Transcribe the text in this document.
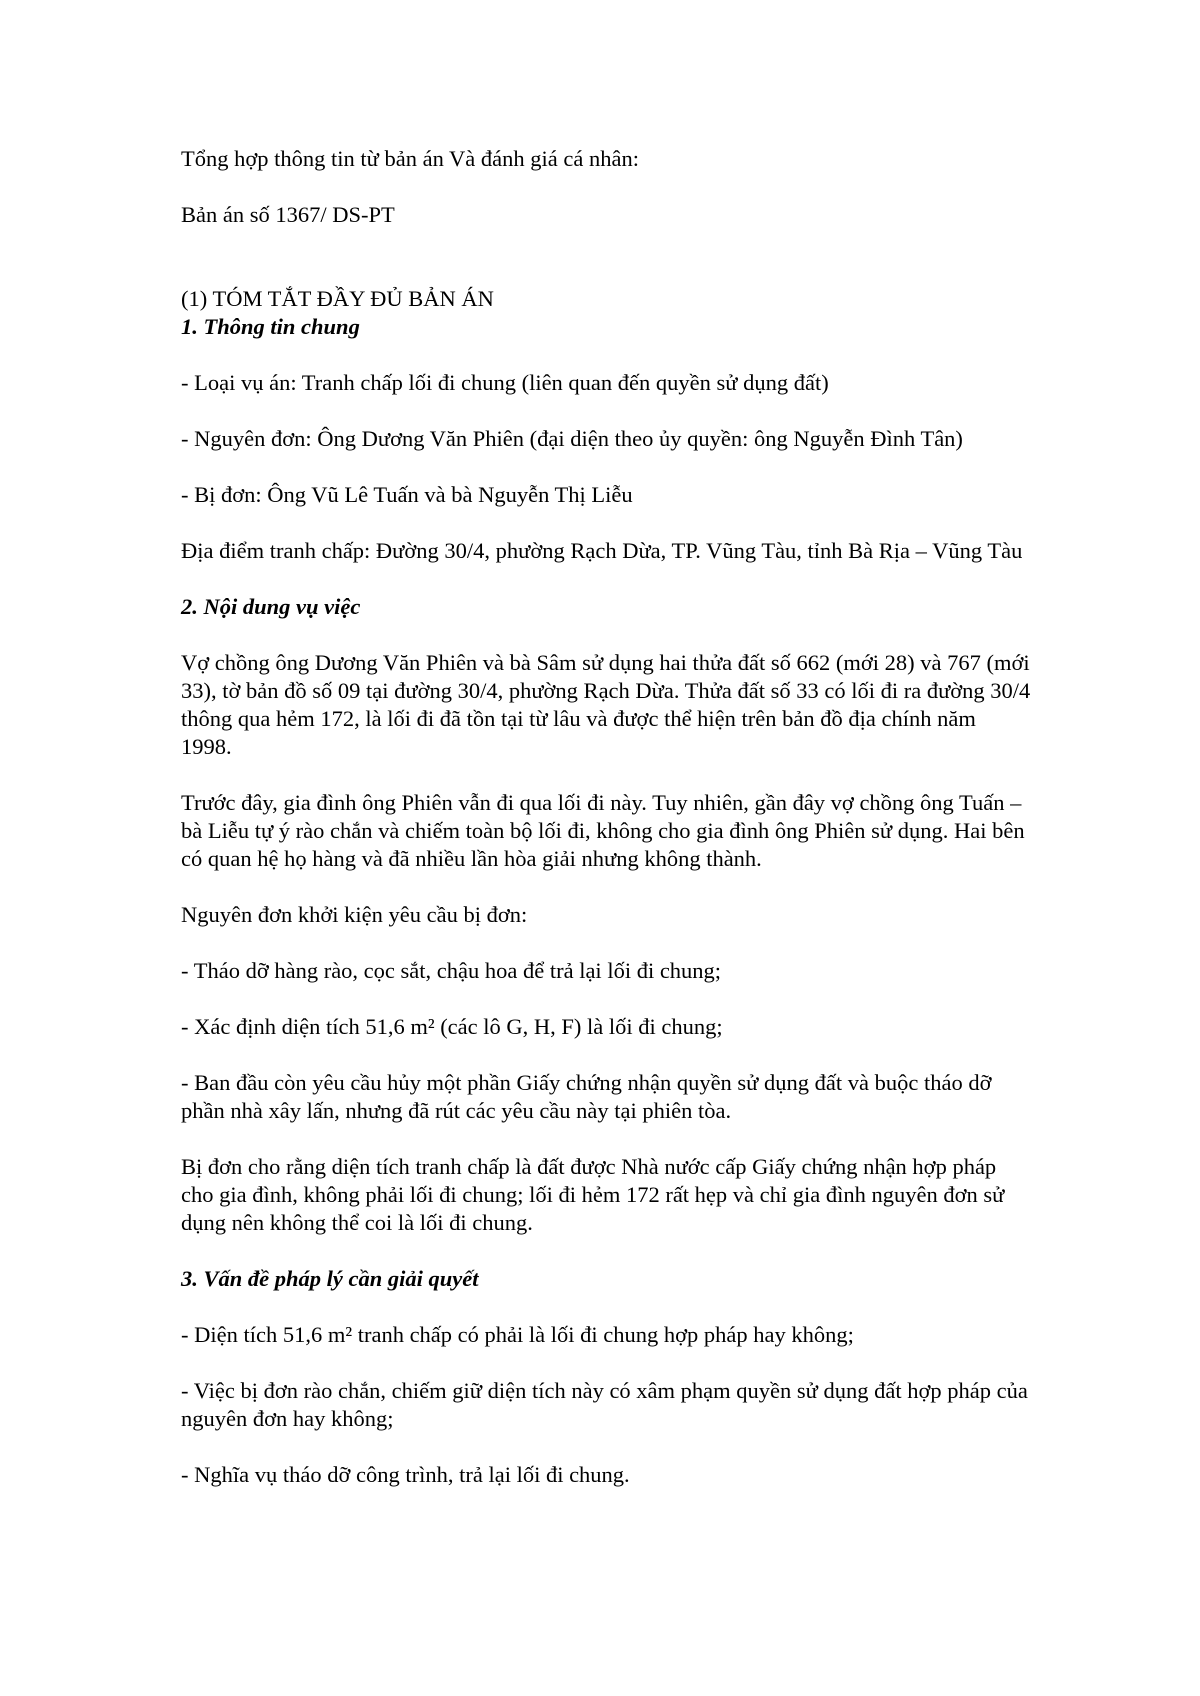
Tổng hợp thông tin từ bản án Và đánh giá cá nhân:

Bản án số 1367/ DS-PT

(1) TÓM TẮT ĐẦY ĐỦ BẢN ÁN

1. Thông tin chung

- Loại vụ án: Tranh chấp lối đi chung (liên quan đến quyền sử dụng đất)

- Nguyên đơn: Ông Dương Văn Phiên (đại diện theo ủy quyền: ông Nguyễn Đình Tân)

- Bị đơn: Ông Vũ Lê Tuấn và bà Nguyễn Thị Liễu

Địa điểm tranh chấp: Đường 30/4, phường Rạch Dừa, TP. Vũng Tàu, tỉnh Bà Rịa – Vũng Tàu

2. Nội dung vụ việc

Vợ chồng ông Dương Văn Phiên và bà Sâm sử dụng hai thửa đất số 662 (mới 28) và 767 (mới 33), tờ bản đồ số 09 tại đường 30/4, phường Rạch Dừa. Thửa đất số 33 có lối đi ra đường 30/4 thông qua hẻm 172, là lối đi đã tồn tại từ lâu và được thể hiện trên bản đồ địa chính năm 1998.

Trước đây, gia đình ông Phiên vẫn đi qua lối đi này. Tuy nhiên, gần đây vợ chồng ông Tuấn – bà Liễu tự ý rào chắn và chiếm toàn bộ lối đi, không cho gia đình ông Phiên sử dụng. Hai bên có quan hệ họ hàng và đã nhiều lần hòa giải nhưng không thành.

Nguyên đơn khởi kiện yêu cầu bị đơn:

- Tháo dỡ hàng rào, cọc sắt, chậu hoa để trả lại lối đi chung;

- Xác định diện tích 51,6 m² (các lô G, H, F) là lối đi chung;

- Ban đầu còn yêu cầu hủy một phần Giấy chứng nhận quyền sử dụng đất và buộc tháo dỡ phần nhà xây lấn, nhưng đã rút các yêu cầu này tại phiên tòa.

Bị đơn cho rằng diện tích tranh chấp là đất được Nhà nước cấp Giấy chứng nhận hợp pháp cho gia đình, không phải lối đi chung; lối đi hẻm 172 rất hẹp và chỉ gia đình nguyên đơn sử dụng nên không thể coi là lối đi chung.

3. Vấn đề pháp lý cần giải quyết

- Diện tích 51,6 m² tranh chấp có phải là lối đi chung hợp pháp hay không;

- Việc bị đơn rào chắn, chiếm giữ diện tích này có xâm phạm quyền sử dụng đất hợp pháp của nguyên đơn hay không;

- Nghĩa vụ tháo dỡ công trình, trả lại lối đi chung.
